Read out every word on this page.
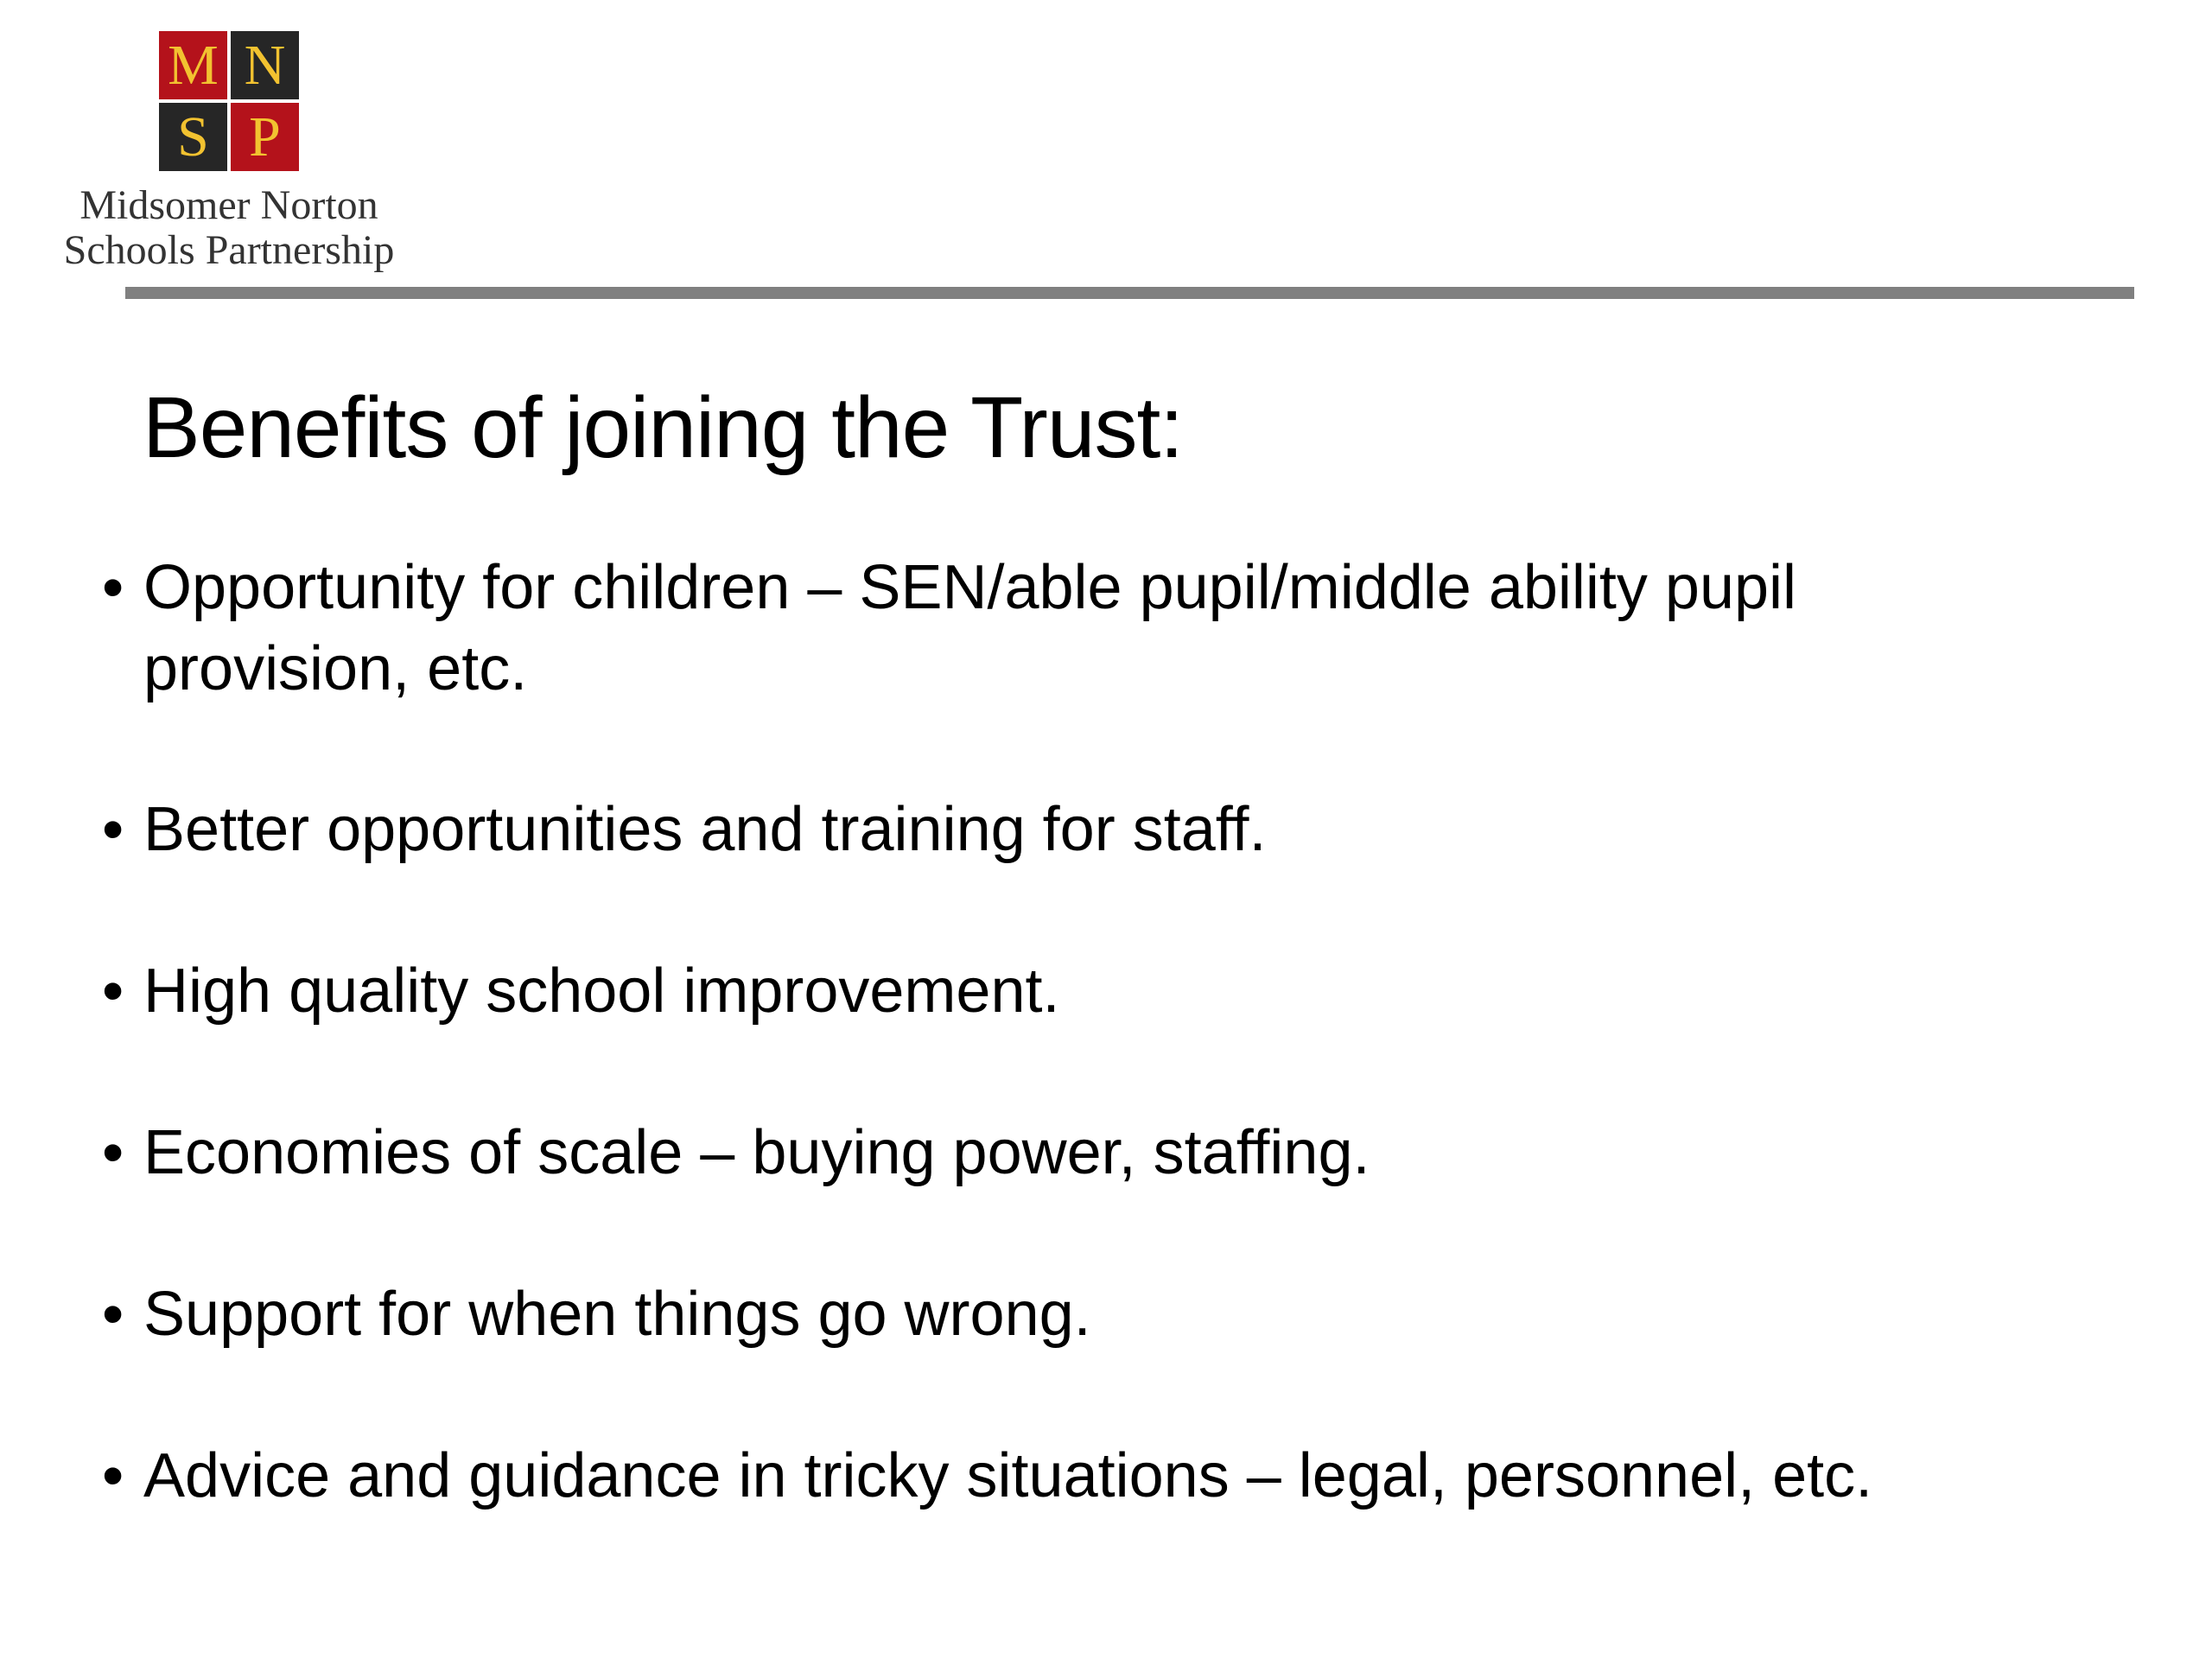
M N
S P
Midsomer Norton
Schools Partnership
Benefits of joining the Trust:
• Opportunity for children – SEN/able pupil/middle ability pupil
provision, etc.
• Better opportunities and training for staff.
• High quality school improvement.
• Economies of scale – buying power, staffing.
• Support for when things go wrong.
• Advice and guidance in tricky situations – legal, personnel, etc.
